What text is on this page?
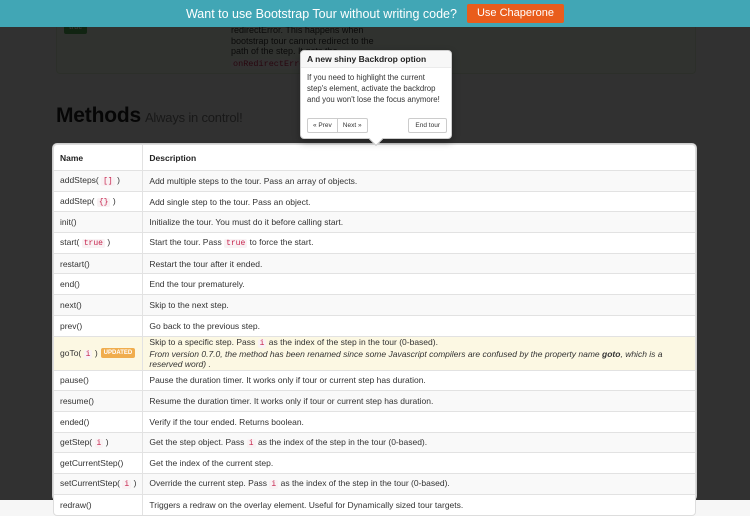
Name	Description
addSteps( [] )	Add multiple steps to the tour. Pass an array of objects.
addStep( {} )	Add single step to the tour. Pass an object.
init()	Initialize the tour. You must do it before calling start.
start( true )	Start the tour. Pass true to force the start.
restart()	Restart the tour after it ended.
end()	End the tour prematurely.
next()	Skip to the next step.
prev()	Go back to the previous step.
goTo( i ) UPDATED	Skip to a specific step. Pass i as the index of the step in the tour (0-based).
From version 0.7.0, the method has been renamed since some Javascript compilers are confused by the property name goto, which is a reserved word) .

pause()	Pause the duration timer. It works only if tour or current step has duration.
resume()	Resume the duration timer. It works only if tour or current step has duration.
ended()	Verify if the tour ended. Returns boolean.
getStep( i )	Get the step object. Pass i as the index of the step in the tour (0-based).
getCurrentStep()	Get the index of the current step.
setCurrentStep( i )	Override the current step. Pass i as the index of the step in the tour (0-based).
redraw()	Triggers a redraw on the overlay element. Useful for Dynamically sized tour targets.
Want to use Bootstrap Tour without writing code?	Use Chaperone
A new shiny Backdrop option
If you need to highlight the current step's element, activate the backdrop and you won't lose the focus anymore!
« Prev	Next »	End tour
